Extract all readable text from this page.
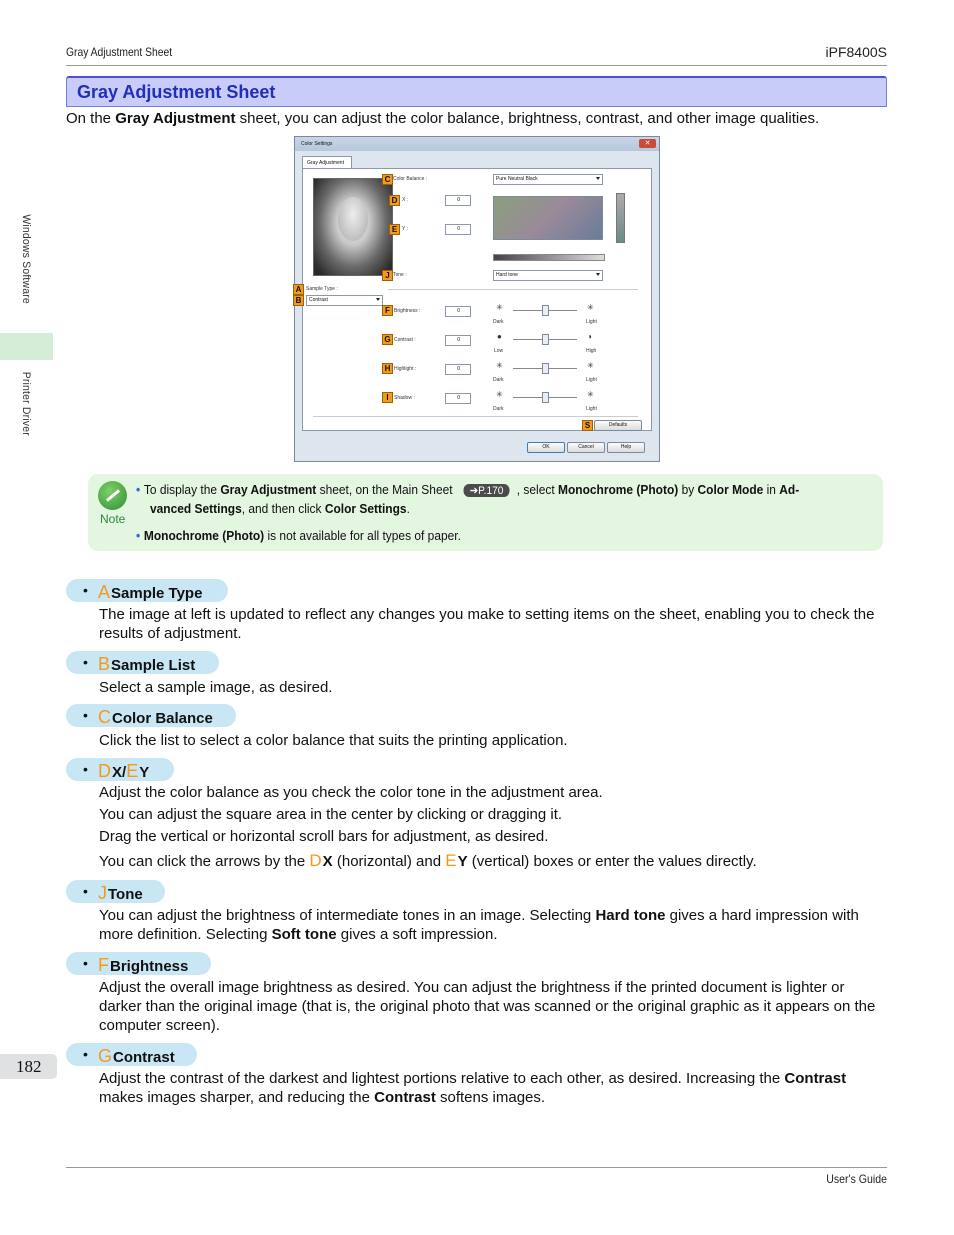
Gray Adjustment Sheet	iPF8400S
Windows Software
Printer Driver
Gray Adjustment Sheet
On the Gray Adjustment sheet, you can adjust the color balance, brightness, contrast, and other image qualities.
Color Settings	✕
Gray Adjustment
A Sample Type :
B	Contrast
C Color Balance :	Pure Neutral Black
D X :	0
E Y :	0
J Tone :	Hard tone
F Brightness :	0	✳	✳
Dark	Light
G Contrast :	0	●	◑
Low	High
H Highlight :	0	✳	✳
Dark	Light
I	Shadow :	0	✳	✳
Dark	Light
S	Defaults
OK	Cancel	Help
Note
• To display the Gray Adjustment sheet, on the Main Sheet ➔P.170 , select Monochrome (Photo) by Color Mode in Ad-
vanced Settings, and then click Color Settings.
• Monochrome (Photo) is not available for all types of paper.
• ASample Type
The image at left is updated to reflect any changes you make to setting items on the sheet, enabling you to check the results of adjustment.
• BSample List
Select a sample image, as desired.
• CColor Balance
Click the list to select a color balance that suits the printing application.
• DX/EY
Adjust the color balance as you check the color tone in the adjustment area.
You can adjust the square area in the center by clicking or dragging it.
Drag the vertical or horizontal scroll bars for adjustment, as desired.
You can click the arrows by the DX (horizontal) and EY (vertical) boxes or enter the values directly.
• JTone
You can adjust the brightness of intermediate tones in an image. Selecting Hard tone gives a hard impression with more definition. Selecting Soft tone gives a soft impression.
• FBrightness
Adjust the overall image brightness as desired. You can adjust the brightness if the printed document is lighter or darker than the original image (that is, the original photo that was scanned or the original graphic as it appears on the computer screen).
• GContrast
Adjust the contrast of the darkest and lightest portions relative to each other, as desired. Increasing the Contrast makes images sharper, and reducing the Contrast softens images.
182
User's Guide
